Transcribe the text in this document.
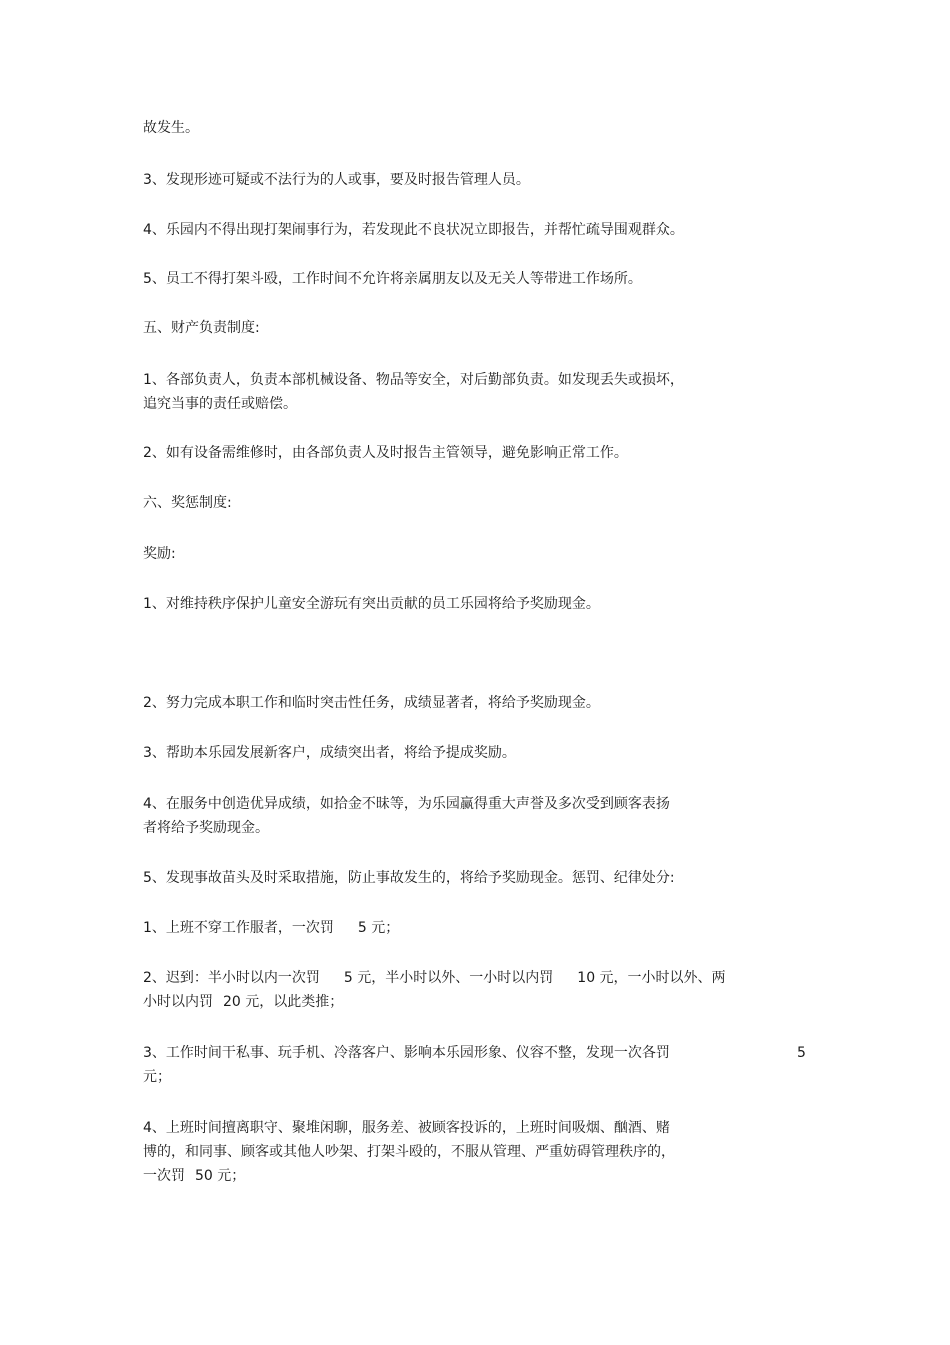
故发生。

3、发现形迹可疑或不法行为的人或事，要及时报告管理人员。

4、乐园内不得出现打架闹事行为，若发现此不良状况立即报告，并帮忙疏导围观群众。

5、员工不得打架斗殴，工作时间不允许将亲属朋友以及无关人等带进工作场所。

五、财产负责制度:

1、各部负责人，负责本部机械设备、物品等安全，对后勤部负责。如发现丢失或损坏，

追究当事的责任或赔偿。

2、如有设备需维修时，由各部负责人及时报告主管领导，避免影响正常工作。

六、奖惩制度:

奖励:

1、对维持秩序保护儿童安全游玩有突出贡献的员工乐园将给予奖励现金。

2、努力完成本职工作和临时突击性任务，成绩显著者，将给予奖励现金。

3、帮助本乐园发展新客户，成绩突出者，将给予提成奖励。

4、在服务中创造优异成绩，如拾金不昧等，为乐园赢得重大声誉及多次受到顾客表扬

者将给予奖励现金。

5、发现事故苗头及时采取措施，防止事故发生的，将给予奖励现金。惩罚、纪律处分:

1、上班不穿工作服者，一次罚 5 元；

2、迟到：半小时以内一次罚 5 元，半小时以外、一小时以内罚 10 元，一小时以外、两

小时以内罚 20 元，以此类推；

3、工作时间干私事、玩手机、冷落客户、影响本乐园形象、仪容不整，发现一次各罚	5

元；

4、上班时间擅离职守、聚堆闲聊，服务差、被顾客投诉的，上班时间吸烟、酗酒、赌

博的，和同事、顾客或其他人吵架、打架斗殴的，不服从管理、严重妨碍管理秩序的，

一次罚 50 元；
